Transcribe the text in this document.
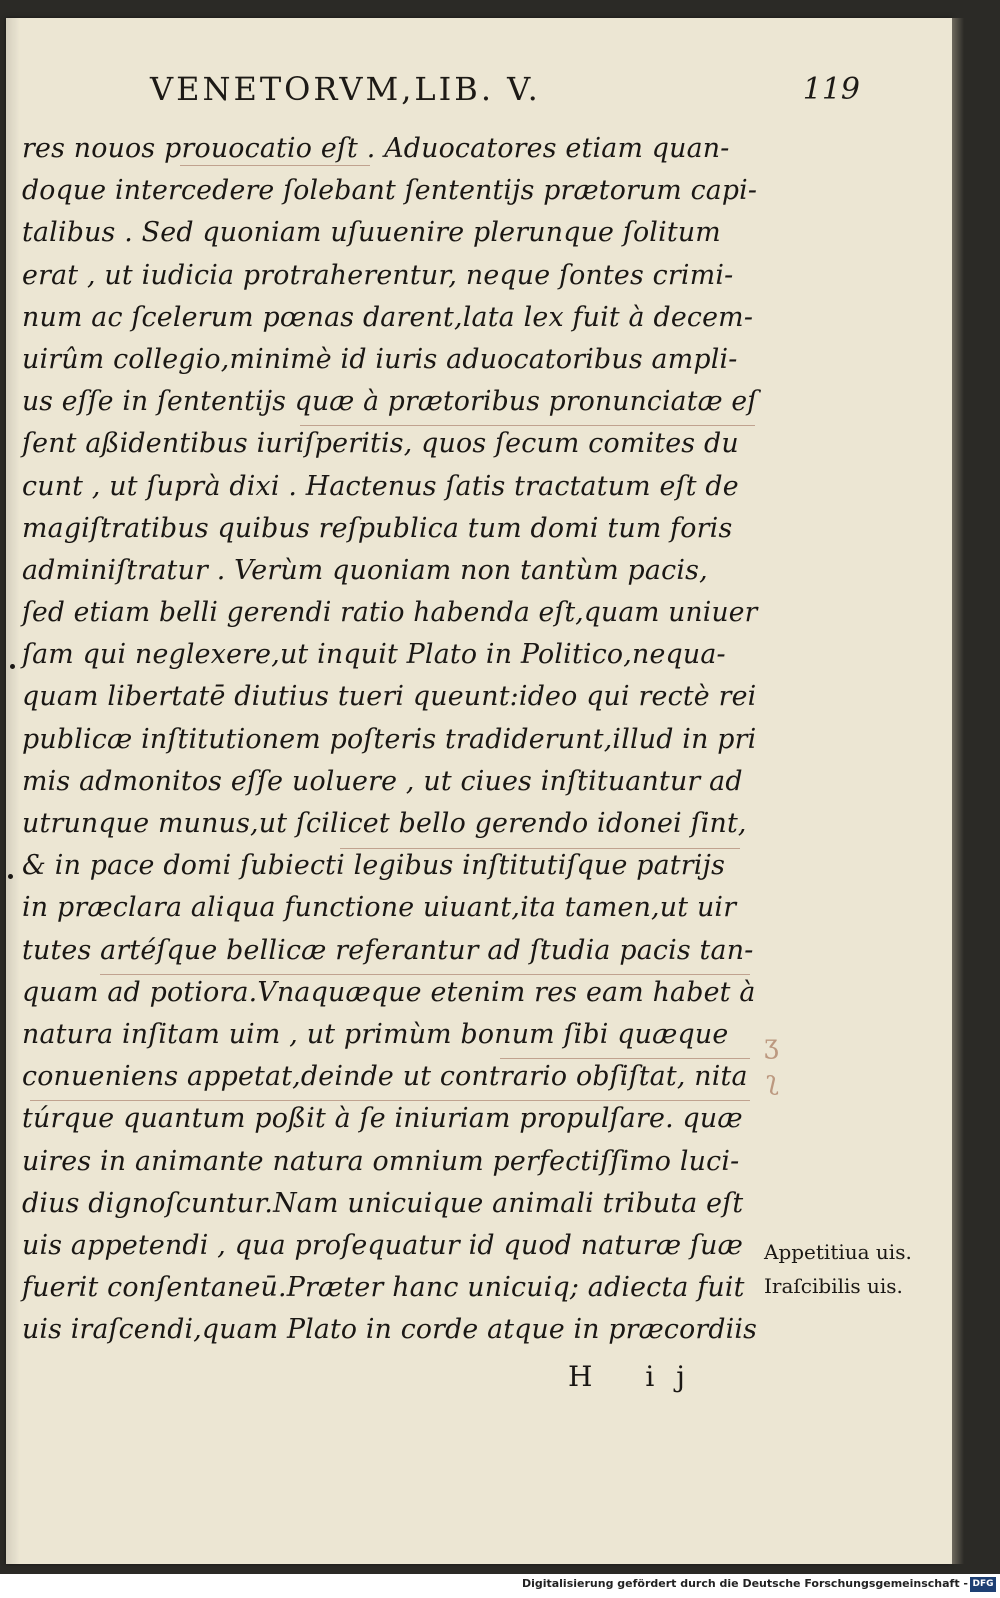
VENETORVM,LIB. V.	119
res nouos prouocatio eſt . Aduocatores etiam quan-
doque intercedere ſolebant ſententijs prætorum capi-
talibus . Sed quoniam uſuuenire plerunque ſolitum
erat , ut iudicia protraherentur, neque ſontes crimi-
num ac ſcelerum pœnas darent,lata lex fuit à decem-
uirûm collegio,minimè id iuris aduocatoribus ampli-
us eſſe in ſententijs quæ à prætoribus pronunciatæ eſ
ſent aßidentibus iuriſperitis, quos ſecum comites du
cunt , ut ſuprà dixi . Hactenus ſatis tractatum eſt de
magiſtratibus quibus reſpublica tum domi tum foris
adminiſtratur . Verùm quoniam non tantùm pacis,
ſed etiam belli gerendi ratio habenda eſt,quam uniuer
ſam qui neglexere,ut inquit Plato in Politico,nequa-
quam libertatē diutius tueri queunt:ideo qui rectè rei
publicæ inſtitutionem poſteris tradiderunt,illud in pri
mis admonitos eſſe uoluere , ut ciues inſtituantur ad
utrunque munus,ut ſcilicet bello gerendo idonei ſint,
& in pace domi ſubiecti legibus inſtitutiſque patrijs
in præclara aliqua functione uiuant,ita tamen,ut uir
tutes artéſque bellicæ referantur ad ſtudia pacis tan-
quam ad potiora.Vnaquæque etenim res eam habet à
natura inſitam uim , ut primùm bonum ſibi quæque
conueniens appetat,deinde ut contrario obſiſtat, nita
túrque quantum poßit à ſe iniuriam propulſare. quæ
uires in animante natura omnium perfectiſſimo luci-
dius dignoſcuntur.Nam unicuique animali tributa eſt
uis appetendi , qua proſequatur id quod naturæ ſuæ
fuerit conſentaneū.Præter hanc unicuiq; adiecta fuit
uis iraſcendi,quam Plato in corde atque in præcordiis
ʒ
ʅ
H ij
Appetitiua uis.
Iraſcibilis uis.
Digitalisierung gefördert durch die Deutsche Forschungsgemeinschaft - DFG
